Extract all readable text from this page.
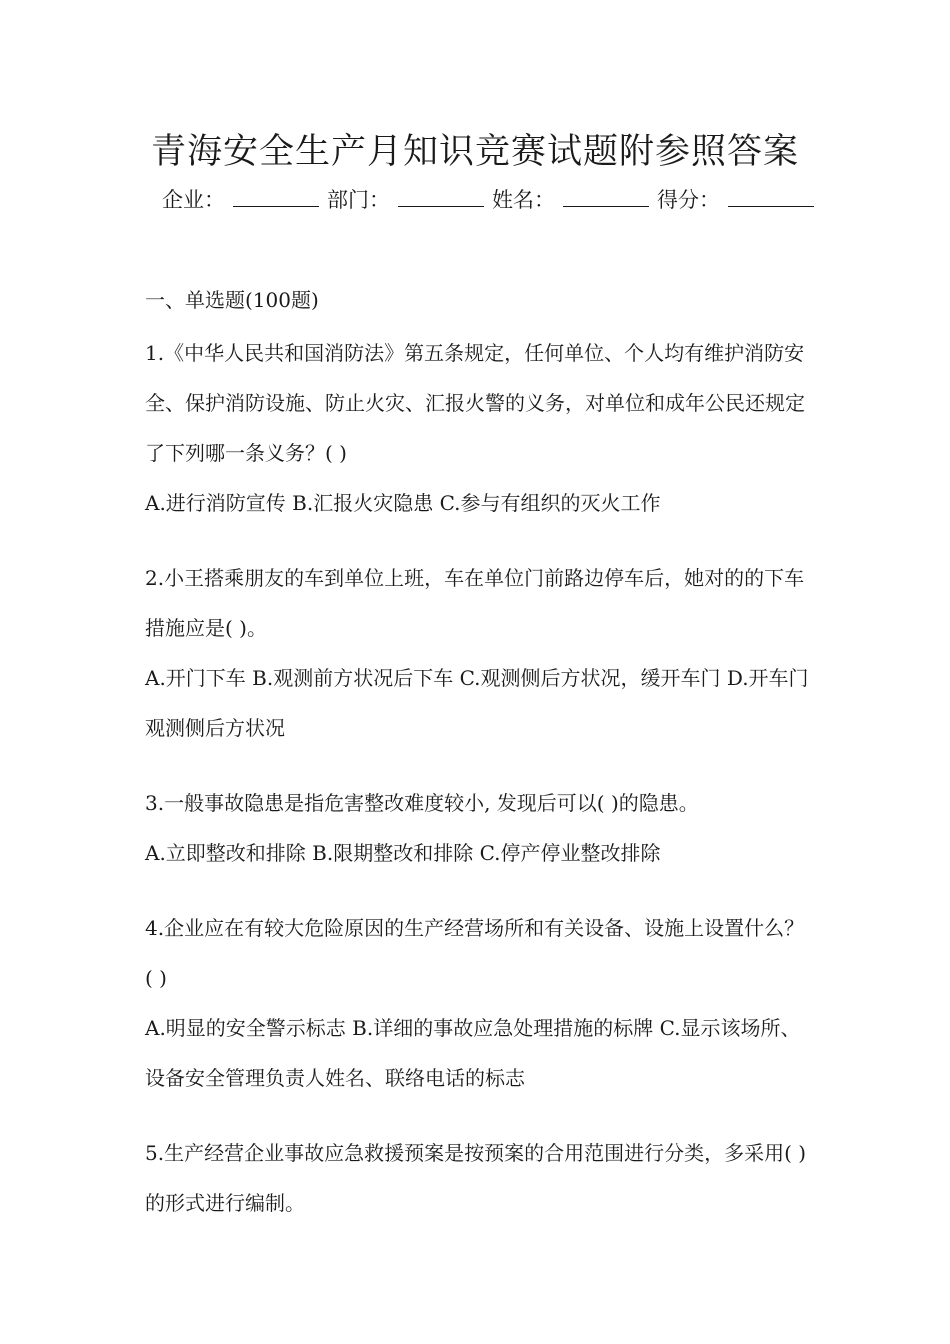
青海安全生产月知识竞赛试题附参照答案
企业：	部门：	姓名：	得分：

一、单选题(100题)

1.《中华人民共和国消防法》第五条规定，任何单位、个人均有维护消防安全、保护消防设施、防止火灾、汇报火警的义务，对单位和成年公民还规定了下列哪一条义务？( )

A.进行消防宣传 B.汇报火灾隐患 C.参与有组织的灭火工作

2.小王搭乘朋友的车到单位上班，车在单位门前路边停车后，她对的的下车措施应是( )。

A.开门下车 B.观测前方状况后下车 C.观测侧后方状况，缓开车门 D.开车门观测侧后方状况

3.一般事故隐患是指危害整改难度较小, 发现后可以( )的隐患。

A.立即整改和排除 B.限期整改和排除 C.停产停业整改排除

4.企业应在有较大危险原因的生产经营场所和有关设备、设施上设置什么？( )

A.明显的安全警示标志 B.详细的事故应急处理措施的标牌 C.显示该场所、设备安全管理负责人姓名、联络电话的标志

5.生产经营企业事故应急救援预案是按预案的合用范围进行分类，多采用( )的形式进行编制。
